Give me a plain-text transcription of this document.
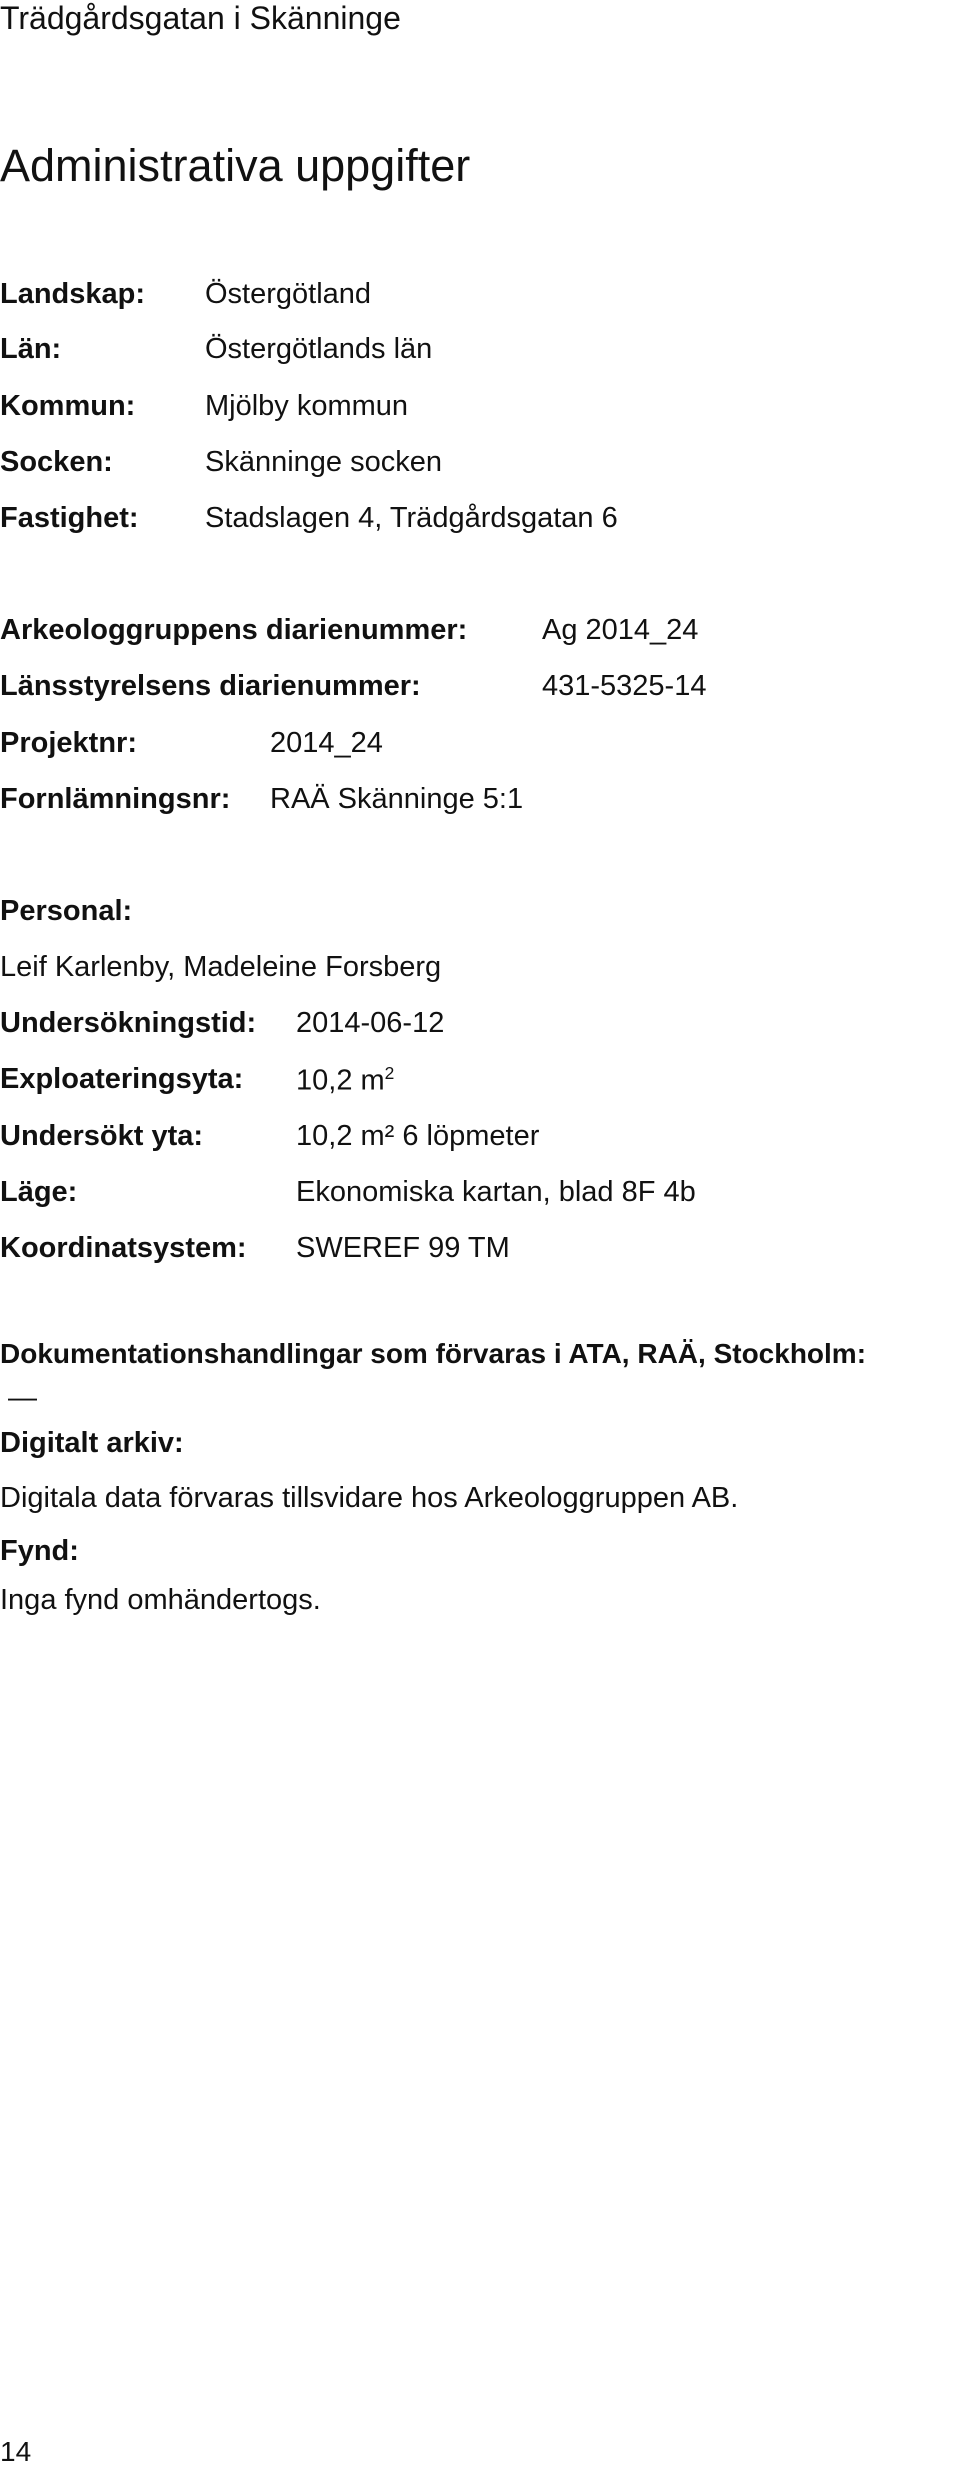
Trädgårdsgatan i Skänninge
Administrativa uppgifter
Landskap: Östergötland
Län:	Östergötlands län
Kommun: Mjölby kommun
Socken:	Skänninge socken
Fastighet: Stadslagen 4, Trädgårdsgatan 6
Arkeologgruppens diarienummer:	Ag 2014_24
Länsstyrelsens diarienummer:	431-5325-14
Projektnr:	2014_24
Fornlämningsnr: RAÄ Skänninge 5:1
Personal:
Leif Karlenby, Madeleine Forsberg
Undersökningstid: 2014-06-12
Exploateringsyta: 10,2 $m^2$
Undersökt yta:	10,2 m² 6 löpmeter
Läge:	Ekonomiska kartan, blad 8F 4b
Koordinatsystem: SWEREF 99 TM
Dokumentationshandlingar som förvaras i ATA, RAÄ, Stockholm:
—
Digitalt arkiv:
Digitala data förvaras tillsvidare hos Arkeologgruppen AB.
Fynd:
Inga fynd omhändertogs.
14
